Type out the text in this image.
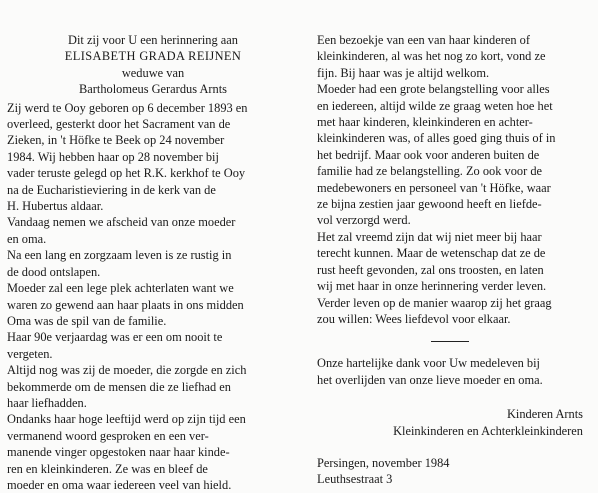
Dit zij voor U een herinnering aan
ELISABETH GRADA REIJNEN
weduwe van
Bartholomeus Gerardus Arnts
Zij werd te Ooy geboren op 6 december 1893 en
overleed, gesterkt door het Sacrament van de
Zieken, in 't Höfke te Beek op 24 november
1984. Wij hebben haar op 28 november bij
vader teruste gelegd op het R.K. kerkhof te Ooy
na de Eucharistieviering in de kerk van de
H. Hubertus aldaar.
Vandaag nemen we afscheid van onze moeder
en oma.
Na een lang en zorgzaam leven is ze rustig in
de dood ontslapen.
Moeder zal een lege plek achterlaten want we
waren zo gewend aan haar plaats in ons midden
Oma was de spil van de familie.
Haar 90e verjaardag was er een om nooit te
vergeten.
Altijd nog was zij de moeder, die zorgde en zich
bekommerde om de mensen die ze liefhad en
haar liefhadden.
Ondanks haar hoge leeftijd werd op zijn tijd een
vermanend woord gesproken en een ver-
manende vinger opgestoken naar haar kinde-
ren en kleinkinderen. Ze was en bleef de
moeder en oma waar iedereen veel van hield.
Een bezoekje van een van haar kinderen of
kleinkinderen, al was het nog zo kort, vond ze
fijn. Bij haar was je altijd welkom.
Moeder had een grote belangstelling voor alles
en iedereen, altijd wilde ze graag weten hoe het
met haar kinderen, kleinkinderen en achter-
kleinkinderen was, of alles goed ging thuis of in
het bedrijf. Maar ook voor anderen buiten de
familie had ze belangstelling. Zo ook voor de
medebewoners en personeel van 't Höfke, waar
ze bijna zestien jaar gewoond heeft en liefde-
vol verzorgd werd.
Het zal vreemd zijn dat wij niet meer bij haar
terecht kunnen. Maar de wetenschap dat ze de
rust heeft gevonden, zal ons troosten, en laten
wij met haar in onze herinnering verder leven.
Verder leven op de manier waarop zij het graag
zou willen: Wees liefdevol voor elkaar.
Onze hartelijke dank voor Uw medeleven bij
het overlijden van onze lieve moeder en oma.
Kinderen Arnts
Kleinkinderen en Achterkleinkinderen
Persingen, november 1984
Leuthsestraat 3
